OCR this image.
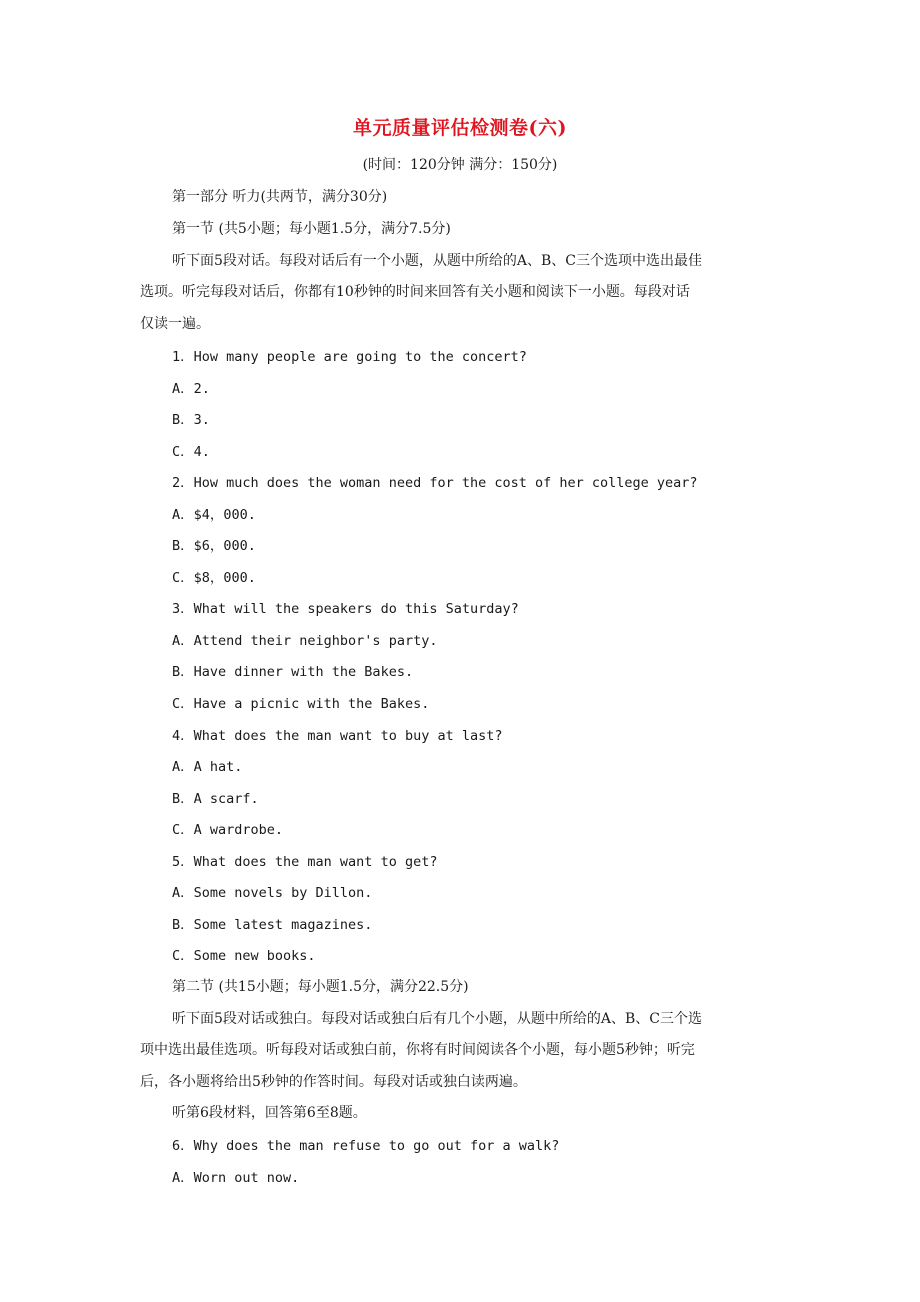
单元质量评估检测卷(六)
(时间：120分钟 满分：150分)
第一部分 听力(共两节，满分30分)
第一节 (共5小题；每小题1.5分，满分7.5分)
听下面5段对话。每段对话后有一个小题，从题中所给的A、B、C三个选项中选出最佳
选项。听完每段对话后，你都有10秒钟的时间来回答有关小题和阅读下一小题。每段对话
仅读一遍。
1．How many people are going to the concert?
A．2.
B．3.
C．4.
2．How much does the woman need for the cost of her college year?
A．$4，000.
B．$6，000.
C．$8，000.
3．What will the speakers do this Saturday?
A．Attend their neighbor's party.
B．Have dinner with the Bakes.
C．Have a picnic with the Bakes.
4．What does the man want to buy at last?
A．A hat.
B．A scarf.
C．A wardrobe.
5．What does the man want to get?
A．Some novels by Dillon.
B．Some latest magazines.
C．Some new books.
第二节 (共15小题；每小题1.5分，满分22.5分)
听下面5段对话或独白。每段对话或独白后有几个小题，从题中所给的A、B、C三个选
项中选出最佳选项。听每段对话或独白前，你将有时间阅读各个小题，每小题5秒钟；听完
后，各小题将给出5秒钟的作答时间。每段对话或独白读两遍。
听第6段材料，回答第6至8题。
6．Why does the man refuse to go out for a walk?
A．Worn out now.
